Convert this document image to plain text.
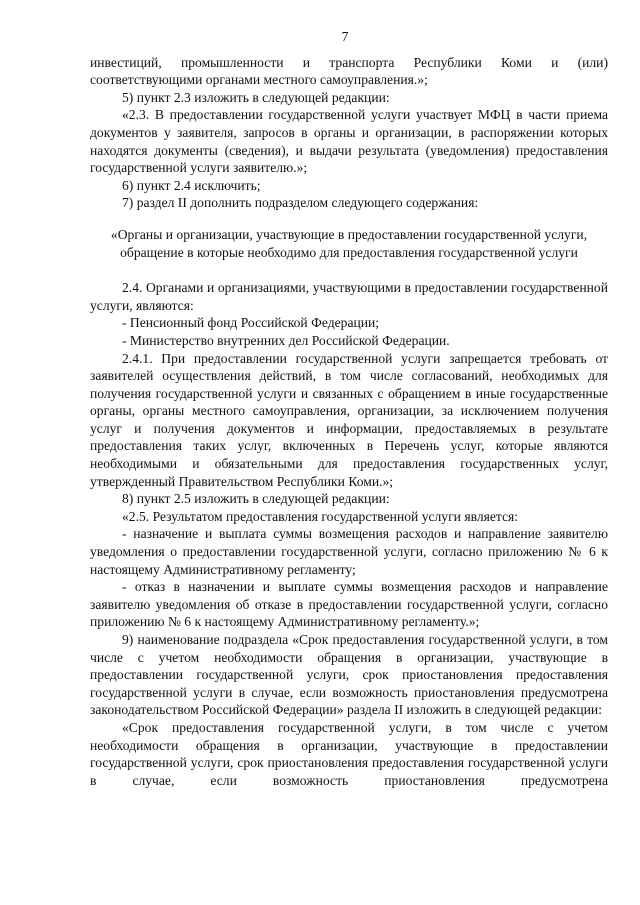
7

инвестиций, промышленности и транспорта Республики Коми и (или) соответствующими органами местного самоуправления.»;

5) пункт 2.3 изложить в следующей редакции:

«2.3. В предоставлении государственной услуги участвует МФЦ в части приема документов у заявителя, запросов в органы и организации, в распоряжении которых находятся документы (сведения), и выдачи результата (уведомления) предоставления государственной услуги заявителю.»;

6) пункт 2.4 исключить;

7) раздел II дополнить подразделом следующего содержания:

«Органы и организации, участвующие в предоставлении государственной услуги, обращение в которые необходимо для предоставления государственной услуги

2.4. Органами и организациями, участвующими в предоставлении государственной услуги, являются:

- Пенсионный фонд Российской Федерации;

- Министерство внутренних дел Российской Федерации.

2.4.1. При предоставлении государственной услуги запрещается требовать от заявителей осуществления действий, в том числе согласований, необходимых для получения государственной услуги и связанных с обращением в иные государственные органы, органы местного самоуправления, организации, за исключением получения услуг и получения документов и информации, предоставляемых в результате предоставления таких услуг, включенных в Перечень услуг, которые являются необходимыми и обязательными для предоставления государственных услуг, утвержденный Правительством Республики Коми.»;

8) пункт 2.5 изложить в следующей редакции:

«2.5. Результатом предоставления государственной услуги является:

- назначение и выплата суммы возмещения расходов и направление заявителю уведомления о предоставлении государственной услуги, согласно приложению № 6 к настоящему Административному регламенту;

- отказ в назначении и выплате суммы возмещения расходов и направление заявителю уведомления об отказе в предоставлении государственной услуги, согласно приложению № 6 к настоящему Административному регламенту.»;

9) наименование подраздела «Срок предоставления государственной услуги, в том числе с учетом необходимости обращения в организации, участвующие в предоставлении государственной услуги, срок приостановления предоставления государственной услуги в случае, если возможность приостановления предусмотрена законодательством Российской Федерации» раздела II изложить в следующей редакции:

«Срок предоставления государственной услуги, в том числе с учетом необходимости обращения в организации, участвующие в предоставлении государственной услуги, срок приостановления предоставления государственной услуги в случае, если возможность приостановления предусмотрена
